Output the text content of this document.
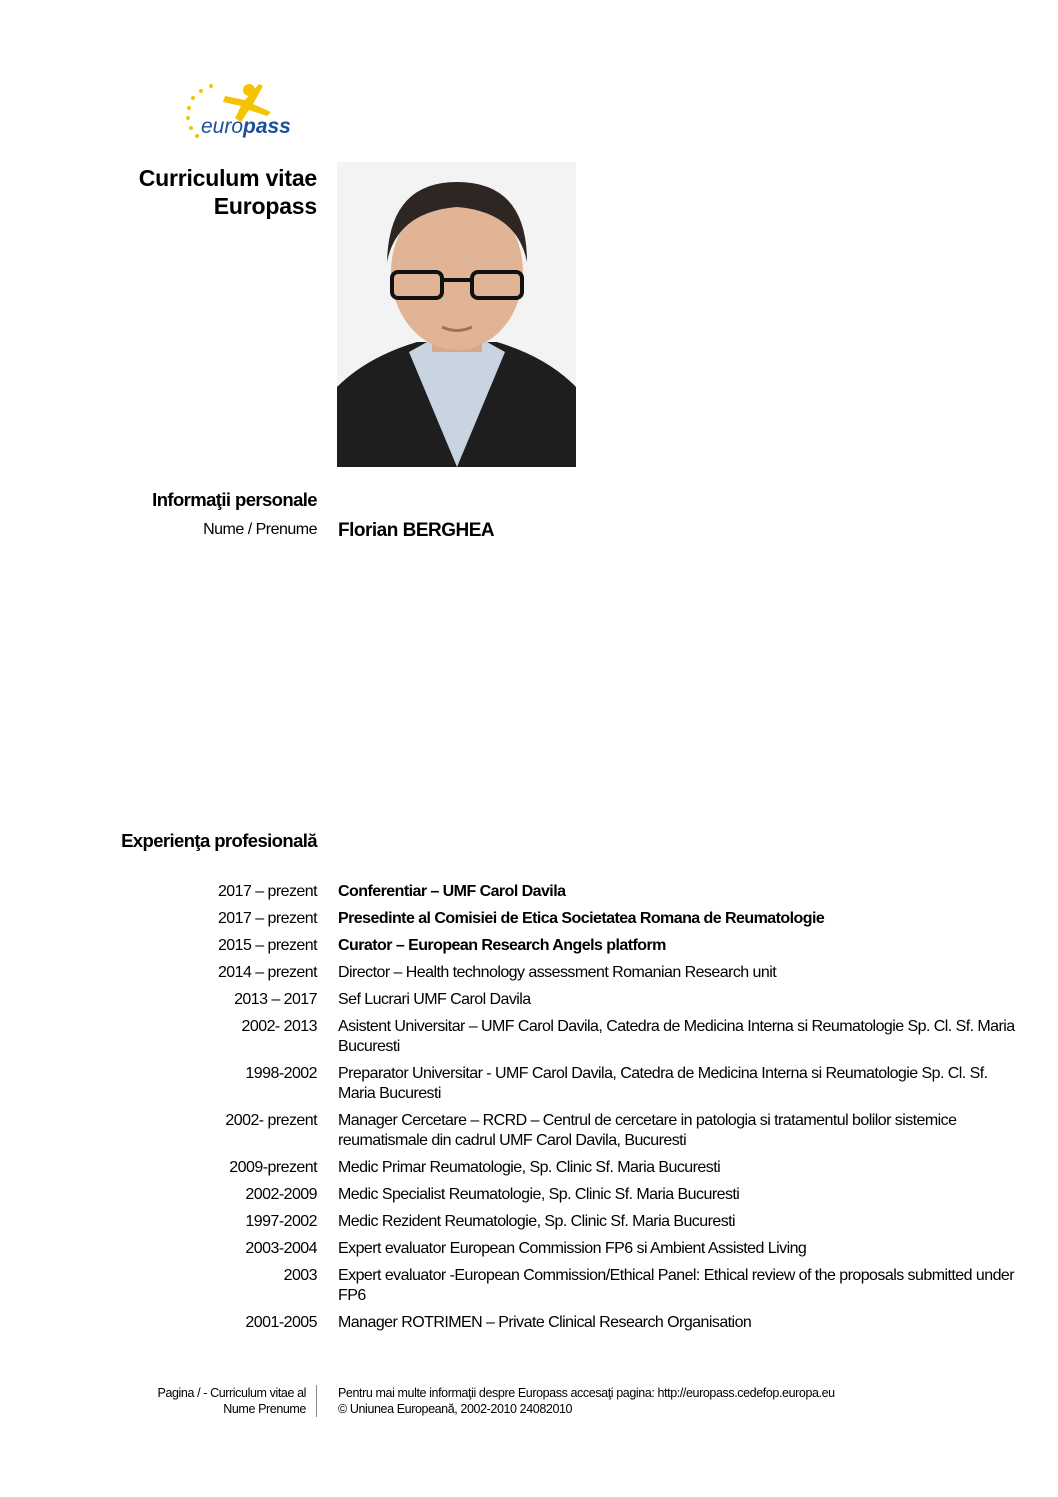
euro pass
Curriculum vitae
Europass
Informaţii personale
Nume / Prenume Florian BERGHEA
Experienţa profesională
2017 – prezent Conferentiar – UMF Carol Davila
2017 – prezent Presedinte al Comisiei de Etica Societatea Romana de Reumatologie
2015 – prezent Curator – European Research Angels platform
2014 – prezent Director – Health technology assessment Romanian Research unit
2013 – 2017 Sef Lucrari UMF Carol Davila
2002- 2013 Asistent Universitar – UMF Carol Davila, Catedra de Medicina Interna si Reumatologie Sp. Cl. Sf. Maria Bucuresti
1998-2002 Preparator Universitar - UMF Carol Davila, Catedra de Medicina Interna si Reumatologie Sp. Cl. Sf. Maria Bucuresti
2002- prezent Manager Cercetare – RCRD – Centrul de cercetare in patologia si tratamentul bolilor sistemice reumatismale din cadrul UMF Carol Davila, Bucuresti
2009-prezent Medic Primar Reumatologie, Sp. Clinic Sf. Maria Bucuresti
2002-2009 Medic Specialist Reumatologie, Sp. Clinic Sf. Maria Bucuresti
1997-2002 Medic Rezident Reumatologie, Sp. Clinic Sf. Maria Bucuresti
2003-2004 Expert evaluator European Commission FP6 si Ambient Assisted Living
2003 Expert evaluator -European Commission/Ethical Panel: Ethical review of the proposals submitted under FP6
2001-2005 Manager ROTRIMEN – Private Clinical Research Organisation
Pagina / - Curriculum vitae al
Nume Prenume
Pentru mai multe informaţii despre Europass accesaţi pagina: http://europass.cedefop.europa.eu
© Uniunea Europeană, 2002-2010 24082010
